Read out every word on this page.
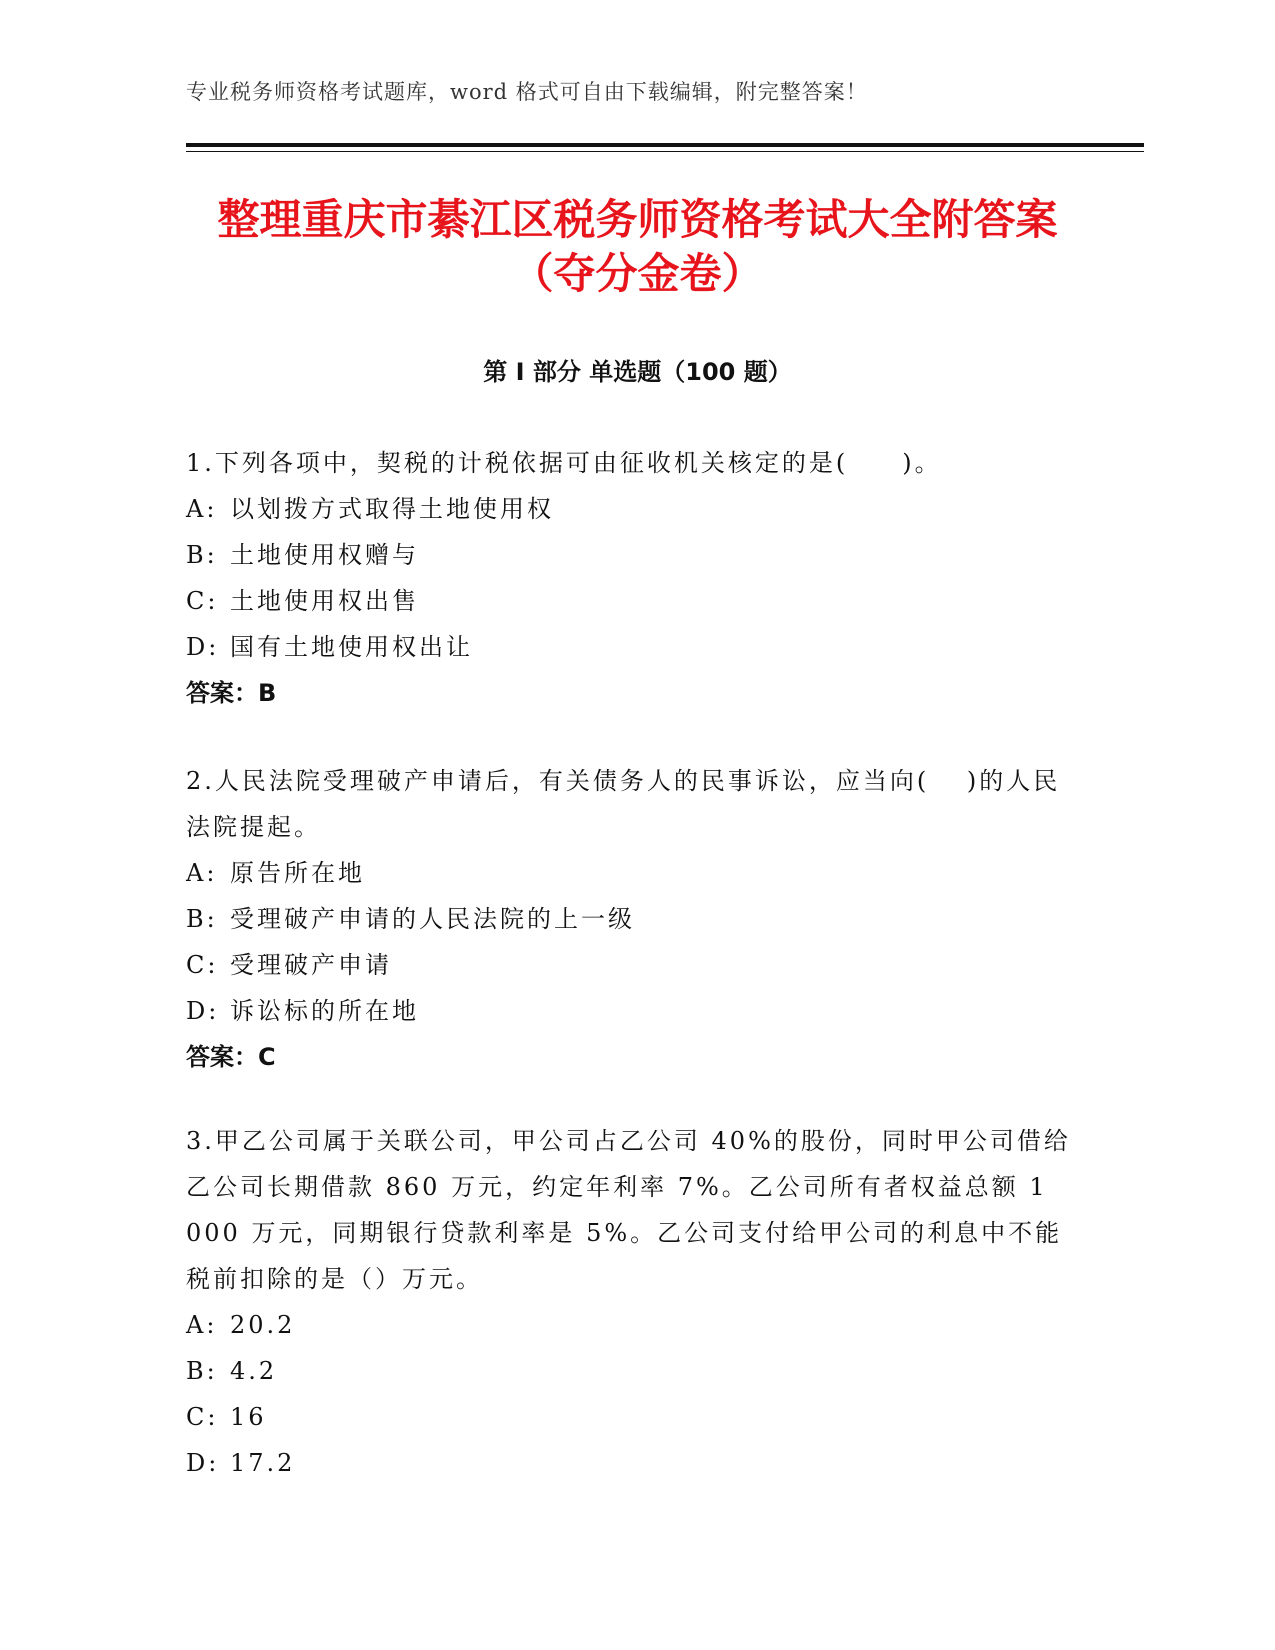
专业税务师资格考试题库，word 格式可自由下载编辑，附完整答案！
整理重庆市綦江区税务师资格考试大全附答案（夺分金卷）
第 I 部分 单选题（100 题）

1.下列各项中，契税的计税依据可由征收机关核定的是(　　)。

A: 以划拨方式取得土地使用权

B: 土地使用权赠与

C: 土地使用权出售

D: 国有土地使用权出让

答案：B

2.人民法院受理破产申请后，有关债务人的民事诉讼，应当向(　 )的人民法院提起。

A: 原告所在地

B: 受理破产申请的人民法院的上一级

C: 受理破产申请

D: 诉讼标的所在地

答案：C

3.甲乙公司属于关联公司，甲公司占乙公司 40%的股份，同时甲公司借给乙公司长期借款 860 万元，约定年利率 7%。乙公司所有者权益总额 1 000 万元，同期银行贷款利率是 5%。乙公司支付给甲公司的利息中不能税前扣除的是（）万元。

A: 20.2

B: 4.2

C: 16

D: 17.2
